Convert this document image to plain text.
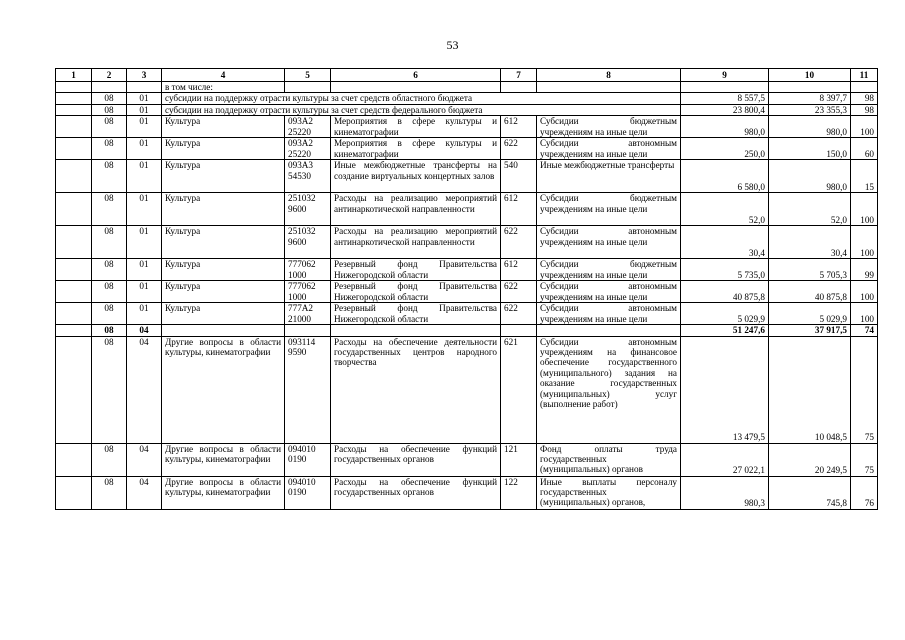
53
1	2	3	4	5	6	7	8	9	10	11
			в том числе:							
	08	01	субсидии на поддержку отрасти культуры за счет средств областного бюджета					8 557,5	8 397,7	98
	08	01	субсидии на поддержку отрасти культуры за счет средств федерального бюджета					23 800,4	23 355,3	98
	08	01	Культура	093А2 25220	Мероприятия в сфере культуры и кинематографии	612	Субсидии бюджетным учреждениям на иные цели	980,0	980,0	100
	08	01	Культура	093А2 25220	Мероприятия в сфере культуры и кинематографии	622	Субсидии автономным учреждениям на иные цели	250,0	150,0	60
	08	01	Культура	093А3 54530	Иные межбюджетные трансферты на создание виртуальных концертных залов	540	Иные межбюджетные трансферты	6 580,0	980,0	15
	08	01	Культура	251032 9600	Расходы на реализацию мероприятий антинаркотической направленности	612	Субсидии бюджетным учреждениям на иные цели	52,0	52,0	100
	08	01	Культура	251032 9600	Расходы на реализацию мероприятий антинаркотической направленности	622	Субсидии автономным учреждениям на иные цели	30,4	30,4	100
	08	01	Культура	777062 1000	Резервный фонд Правительства Нижегородской области	612	Субсидии бюджетным учреждениям на иные цели	5 735,0	5 705,3	99
	08	01	Культура	777062 1000	Резервный фонд Правительства Нижегородской области	622	Субсидии автономным учреждениям на иные цели	40 875,8	40 875,8	100
	08	01	Культура	777А2 21000	Резервный фонд Правительства Нижегородской области	622	Субсидии автономным учреждениям на иные цели	5 029,9	5 029,9	100
	08	04						51 247,6	37 917,5	74
	08	04	Другие вопросы в области культуры, кинематографии	093114 9590	Расходы на обеспечение деятельности государственных центров народного творчества	621	Субсидии автономным учреждениям на финансовое обеспечение государственного (муниципального) задания на оказание государственных (муниципальных) услуг (выполнение работ)	13 479,5	10 048,5	75
	08	04	Другие вопросы в области культуры, кинематографии	094010 0190	Расходы на обеспечение функций государственных органов	121	Фонд оплаты труда государственных (муниципальных) органов	27 022,1	20 249,5	75
	08	04	Другие вопросы в области культуры, кинематографии	094010 0190	Расходы на обеспечение функций государственных органов	122	Иные выплаты персоналу государственных (муниципальных) органов,	980,3	745,8	76
